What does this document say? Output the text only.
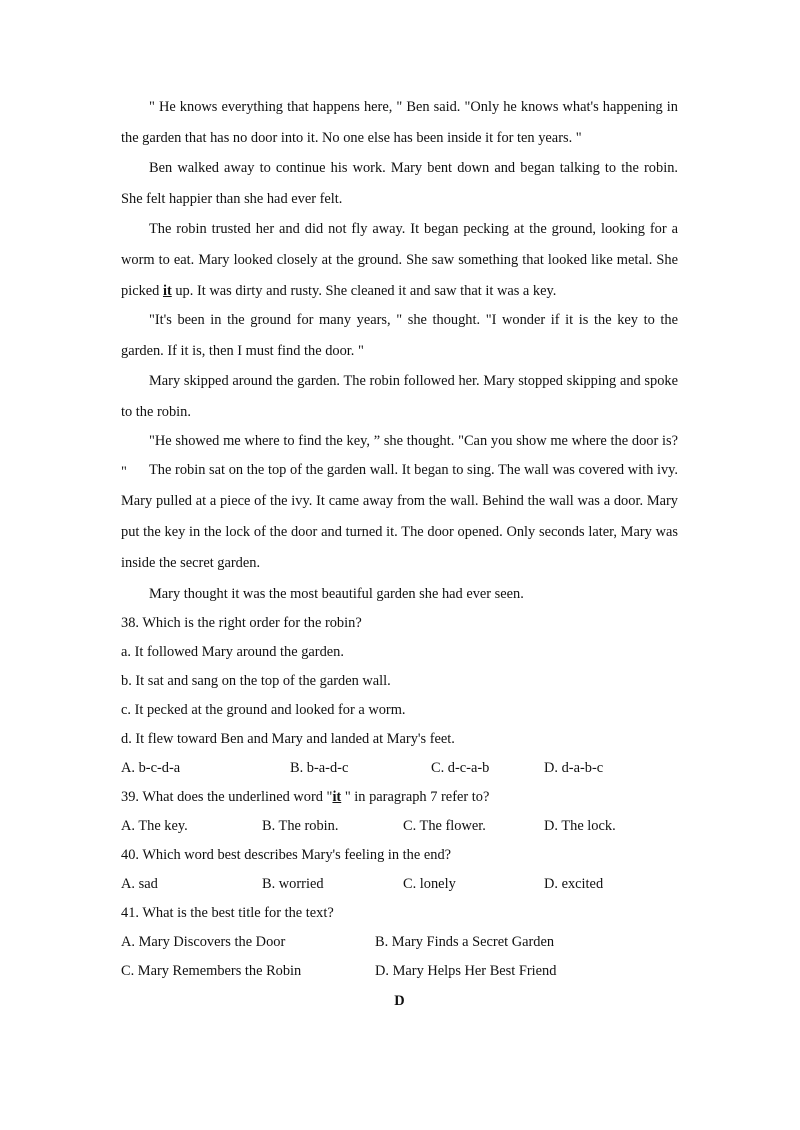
" He knows everything that happens here, " Ben said. "Only he knows what's happening in the garden that has no door into it. No one else has been inside it for ten years. "

Ben walked away to continue his work. Mary bent down and began talking to the robin. She felt happier than she had ever felt.

The robin trusted her and did not fly away. It began pecking at the ground, looking for a worm to eat. Mary looked closely at the ground. She saw something that looked like metal. She picked it up. It was dirty and rusty. She cleaned it and saw that it was a key.

"It's been in the ground for many years, " she thought. "I wonder if it is the key to the garden. If it is, then I must find the door. "

Mary skipped around the garden. The robin followed her. Mary stopped skipping and spoke to the robin.

"He showed me where to find the key, ” she thought. "Can you show me where the door is? "	The robin sat on the top of the garden wall. It began to sing. The wall was covered with ivy. Mary pulled at a piece of the ivy. It came away from the wall. Behind the wall was a door. Mary put the key in the lock of the door and turned it. The door opened. Only seconds later, Mary was inside the secret garden.

Mary thought it was the most beautiful garden she had ever seen.

38. Which is the right order for the robin?
a. It followed Mary around the garden.
b. It sat and sang on the top of the garden wall.
c. It pecked at the ground and looked for a worm.
d. It flew toward Ben and Mary and landed at Mary's feet.
A. b-c-d-a	B. b-a-d-c	C. d-c-a-b	D. d-a-b-c
39. What does the underlined word "it " in paragraph 7 refer to?
A. The key.	B. The robin.	C. The flower.	D. The lock.
40. Which word best describes Mary's feeling in the end?
A. sad	B. worried	C. lonely	D. excited
41. What is the best title for the text?
A. Mary Discovers the Door	B. Mary Finds a Secret Garden
C. Mary Remembers the Robin	D. Mary Helps Her Best Friend
D
